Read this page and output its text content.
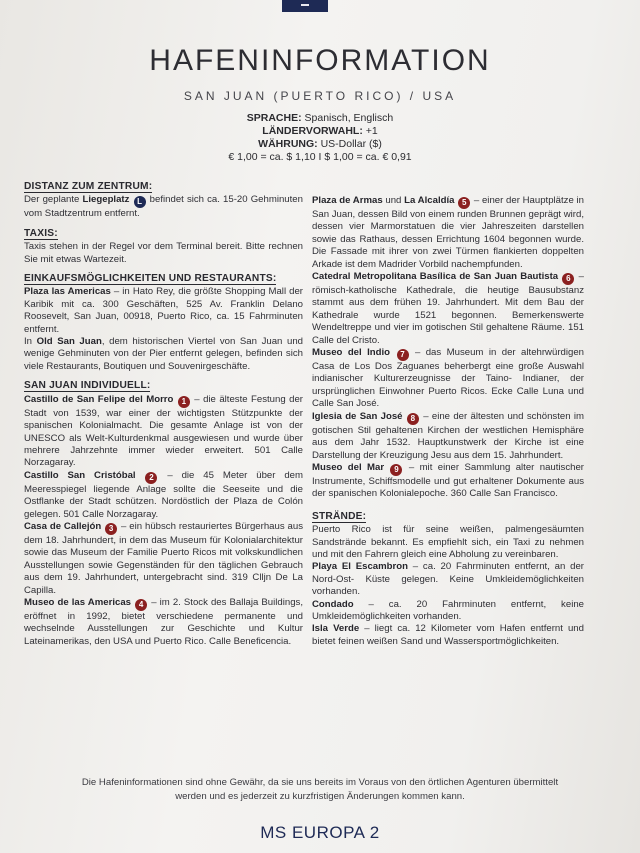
HAFENINFORMATION
SAN JUAN (PUERTO RICO) / USA
SPRACHE: Spanisch, Englisch
LÄNDERVORWAHL: +1
WÄHRUNG: US-Dollar ($)
€ 1,00 = ca. $ 1,10 I $ 1,00 = ca. € 0,91
DISTANZ ZUM ZENTRUM:

Der geplante Liegeplatz L befindet sich ca. 15-20 Gehminuten vom Stadtzentrum entfernt.

TAXIS:

Taxis stehen in der Regel vor dem Terminal bereit. Bitte rechnen Sie mit etwas Wartezeit.

EINKAUFSMÖGLICHKEITEN UND RESTAURANTS:

Plaza las Americas – in Hato Rey, die größte Shopping Mall der Karibik mit ca. 300 Geschäften, 525 Av. Franklin Delano Roosevelt, San Juan, 00918, Puerto Rico, ca. 15 Fahrminuten entfernt.

In Old San Juan, dem historischen Viertel von San Juan und wenige Gehminuten von der Pier entfernt gelegen, befinden sich viele Restaurants, Boutiquen und Souvenirgeschäfte.

SAN JUAN INDIVIDUELL:

Castillo de San Felipe del Morro 1 – die älteste Festung der Stadt von 1539, war einer der wichtigsten Stützpunkte der spanischen Kolonialmacht. Die gesamte Anlage ist von der UNESCO als Welt-Kulturdenkmal ausgewiesen und wurde über mehrere Jahrzehnte immer wieder erweitert. 501 Calle Norzagaray.

Castillo San Cristóbal 2 – die 45 Meter über dem Meeresspiegel liegende Anlage sollte die Seeseite und die Ostflanke der Stadt schützen. Nordöstlich der Plaza de Colón gelegen. 501 Calle Norzagaray.

Casa de Callejón 3 – ein hübsch restauriertes Bürgerhaus aus dem 18. Jahrhundert, in dem das Museum für Kolonialarchitektur sowie das Museum der Familie Puerto Ricos mit volkskundlichen Ausstellungen sowie Gegenständen für den täglichen Gebrauch aus dem 19. Jahrhundert, untergebracht sind. 319 Clljn De La Capilla.

Museo de las Americas 4 – im 2. Stock des Ballaja Buildings, eröffnet in 1992, bietet verschiedene permanente und wechselnde Ausstellungen zur Geschichte und Kultur Lateinamerikas, den USA und Puerto Rico. Calle Beneficencia.

Plaza de Armas und La Alcaldía 5 – einer der Hauptplätze in San Juan, dessen Bild von einem runden Brunnen geprägt wird, dessen vier Marmorstatuen die vier Jahreszeiten darstellen sowie das Rathaus, dessen Errichtung 1604 begonnen wurde. Die Fassade mit ihrer von zwei Türmen flankierten doppelten Arkade ist dem Madrider Vorbild nachempfunden.

Catedral Metropolitana Basílica de San Juan Bautista 6 – römisch-katholische Kathedrale, die heutige Bausubstanz stammt aus dem frühen 19. Jahrhundert. Mit dem Bau der Kathedrale wurde 1521 begonnen. Bemerkenswerte Wendeltreppe und vier im gotischen Stil gehaltene Räume. 151 Calle del Cristo.

Museo del Indio 7 – das Museum in der altehrwürdigen Casa de Los Dos Zaguanes beherbergt eine große Auswahl indianischer Kulturerzeugnisse der Taino- Indianer, der ursprünglichen Einwohner Puerto Ricos. Ecke Calle Luna und Calle San José.

Iglesia de San José 8 – eine der ältesten und schönsten im gotischen Stil gehaltenen Kirchen der westlichen Hemisphäre aus dem Jahr 1532. Hauptkunstwerk der Kirche ist eine Darstellung der Kreuzigung Jesu aus dem 15. Jahrhundert.

Museo del Mar 9 – mit einer Sammlung alter nautischer Instrumente, Schiffsmodelle und gut erhaltener Dokumente aus der spanischen Kolonialepoche. 360 Calle San Francisco.

STRÄNDE:

Puerto Rico ist für seine weißen, palmengesäumten Sandstrände bekannt. Es empfiehlt sich, ein Taxi zu nehmen und mit den Fahrern gleich eine Abholung zu vereinbaren.

Playa El Escambron – ca. 20 Fahrminuten entfernt, an der Nord-Ost- Küste gelegen. Keine Umkleidemöglichkeiten vorhanden.

Condado – ca. 20 Fahrminuten entfernt, keine Umkleidemöglichkeiten vorhanden.

Isla Verde – liegt ca. 12 Kilometer vom Hafen entfernt und bietet feinen weißen Sand und Wassersportmöglichkeiten.

Die Hafeninformationen sind ohne Gewähr, da sie uns bereits im Voraus von den örtlichen Agenturen übermittelt
werden und es jederzeit zu kurzfristigen Änderungen kommen kann.
MS EUROPA 2
